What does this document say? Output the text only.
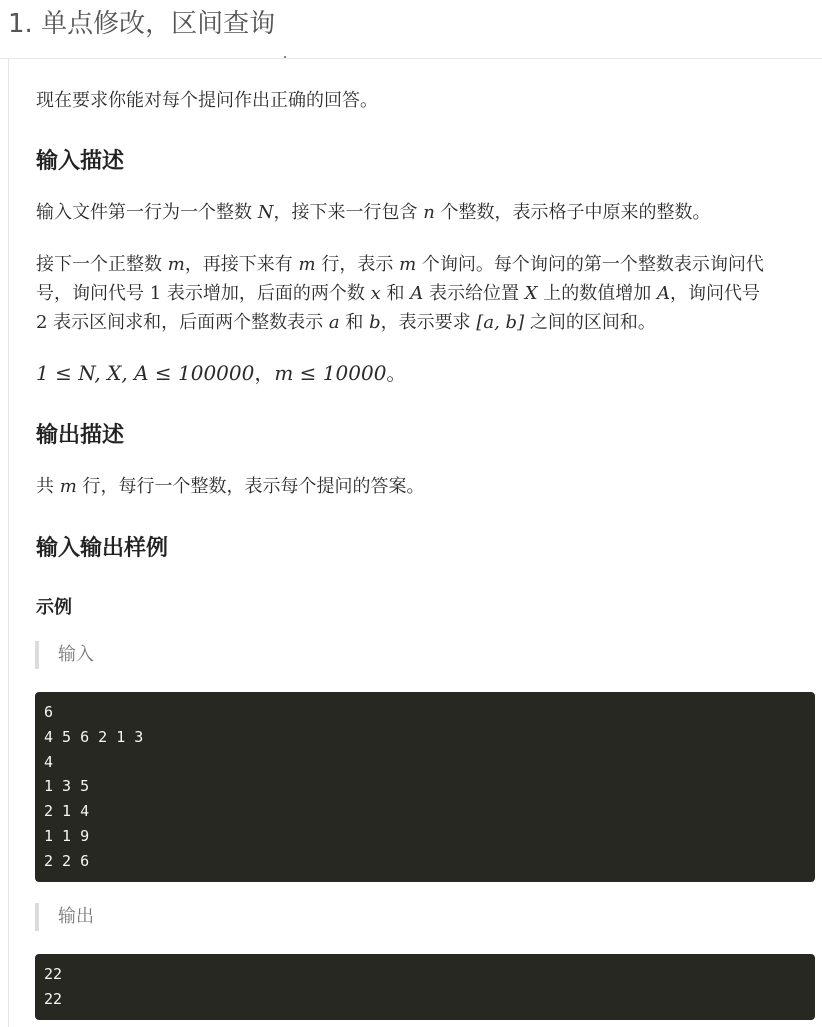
1. 单点修改，区间查询
现在要求你能对每个提问作出正确的回答。
输入描述
输入文件第一行为一个整数 N，接下来一行包含 n 个整数，表示格子中原来的整数。
接下一个正整数 m，再接下来有 m 行，表示 m 个询问。每个询问的第一个整数表示询问代
号，询问代号 1 表示增加，后面的两个数 x 和 A 表示给位置 X 上的数值增加 A，询问代号
2 表示区间求和，后面两个整数表示 a 和 b，表示要求 [a, b] 之间的区间和。
1 ≤ N, X, A ≤ 100000，m ≤ 10000。
输出描述
共 m 行，每行一个整数，表示每个提问的答案。
输入输出样例
示例
输入
6
4 5 6 2 1 3
4
1 3 5
2 1 4
1 1 9
2 2 6
输出
22
22
